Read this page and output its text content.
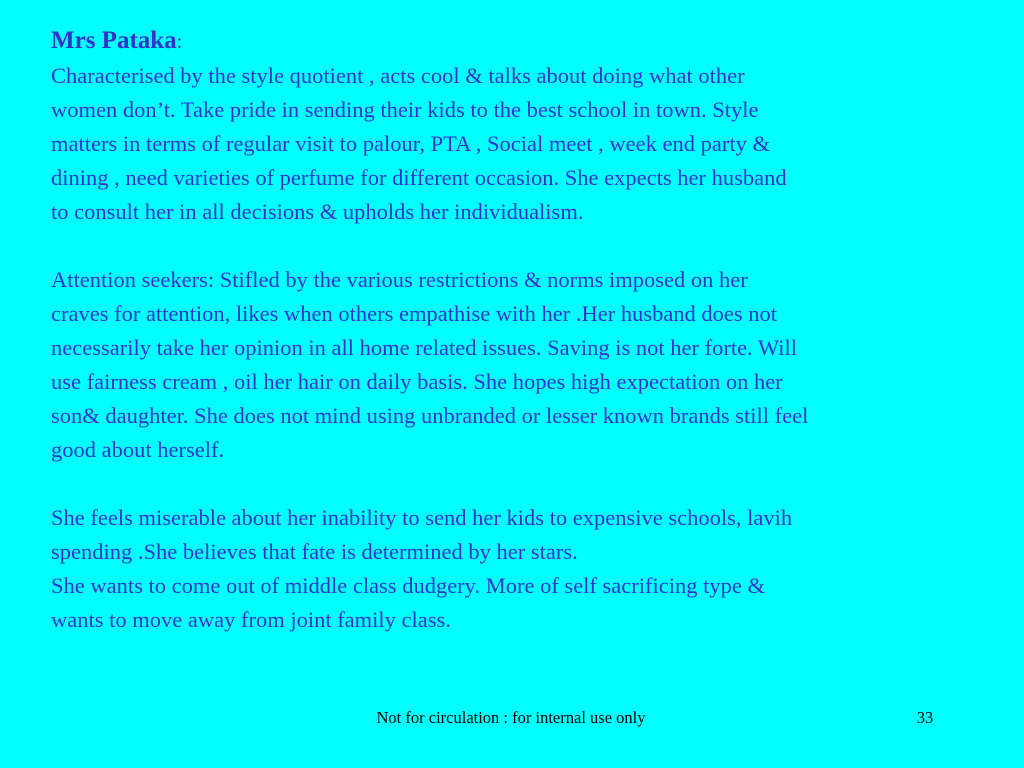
Mrs Pataka:

Characterised by the style quotient , acts cool & talks about doing what other
women don’t. Take pride in sending their kids to the best school in town. Style
matters in terms of regular visit to palour, PTA , Social meet , week end party &
dining , need varieties of perfume for different occasion. She expects her husband
to consult her in all decisions & upholds her individualism.

Attention seekers: Stifled by the various restrictions & norms imposed on her
craves for attention, likes when others empathise with her .Her husband does not
necessarily take her opinion in all home related issues. Saving is not her forte. Will
use fairness cream , oil her hair on daily basis. She hopes high expectation on her
son& daughter. She does not mind using unbranded or lesser known brands still feel
good about herself.

She feels miserable about her inability to send her kids to expensive schools, lavih
spending .She believes that fate is determined by her stars.

She wants to come out of middle class dudgery. More of self sacrificing type &
wants to move away from joint family class.

Not for circulation : for internal use only	33
